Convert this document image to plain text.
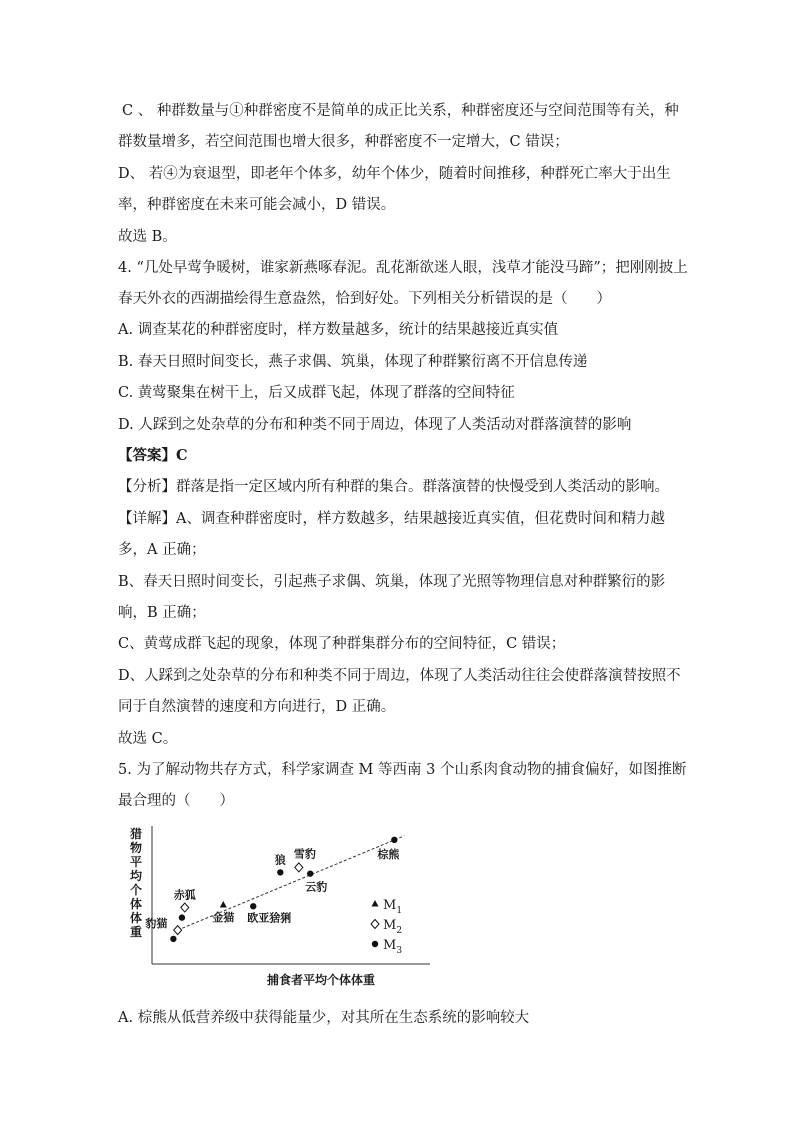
C 、 种群数量与①种群密度不是简单的成正比关系，种群密度还与空间范围等有关，种
群数量增多，若空间范围也增大很多，种群密度不一定增大，C 错误；
D、 若④为衰退型，即老年个体多，幼年个体少，随着时间推移，种群死亡率大于出生
率，种群密度在未来可能会减小，D 错误。
故选 B。
4. “几处早莺争暖树，谁家新燕啄春泥。乱花渐欲迷人眼，浅草才能没马蹄”；把刚刚披上
春天外衣的西湖描绘得生意盎然，恰到好处。下列相关分析错误的是（　　）
A. 调查某花的种群密度时，样方数量越多，统计的结果越接近真实值
B. 春天日照时间变长，燕子求偶、筑巢，体现了种群繁衍离不开信息传递
C. 黄莺聚集在树干上，后又成群飞起，体现了群落的空间特征
D. 人踩到之处杂草的分布和种类不同于周边，体现了人类活动对群落演替的影响
【答案】C
【分析】群落是指一定区域内所有种群的集合。群落演替的快慢受到人类活动的影响。
【详解】A、调查种群密度时，样方数越多，结果越接近真实值，但花费时间和精力越
多，A 正确；
B、春天日照时间变长，引起燕子求偶、筑巢，体现了光照等物理信息对种群繁衍的影
响，B 正确；
C、黄莺成群飞起的现象，体现了种群集群分布的空间特征，C 错误；
D、人踩到之处杂草的分布和种类不同于周边，体现了人类活动往往会使群落演替按照不
同于自然演替的速度和方向进行，D 正确。
故选 C。
5. 为了解动物共存方式，科学家调查 M 等西南 3 个山系肉食动物的捕食偏好，如图推断
最合理的（　　）
捕食者平均个体体重
猎
物
平
均
个
体
体
重
豹猫
赤狐
金猫 欧亚猞猁
狼 雪豹
云豹
棕熊
$M_1$
$M_2$
$M_3$
A. 棕熊从低营养级中获得能量少，对其所在生态系统的影响较大
